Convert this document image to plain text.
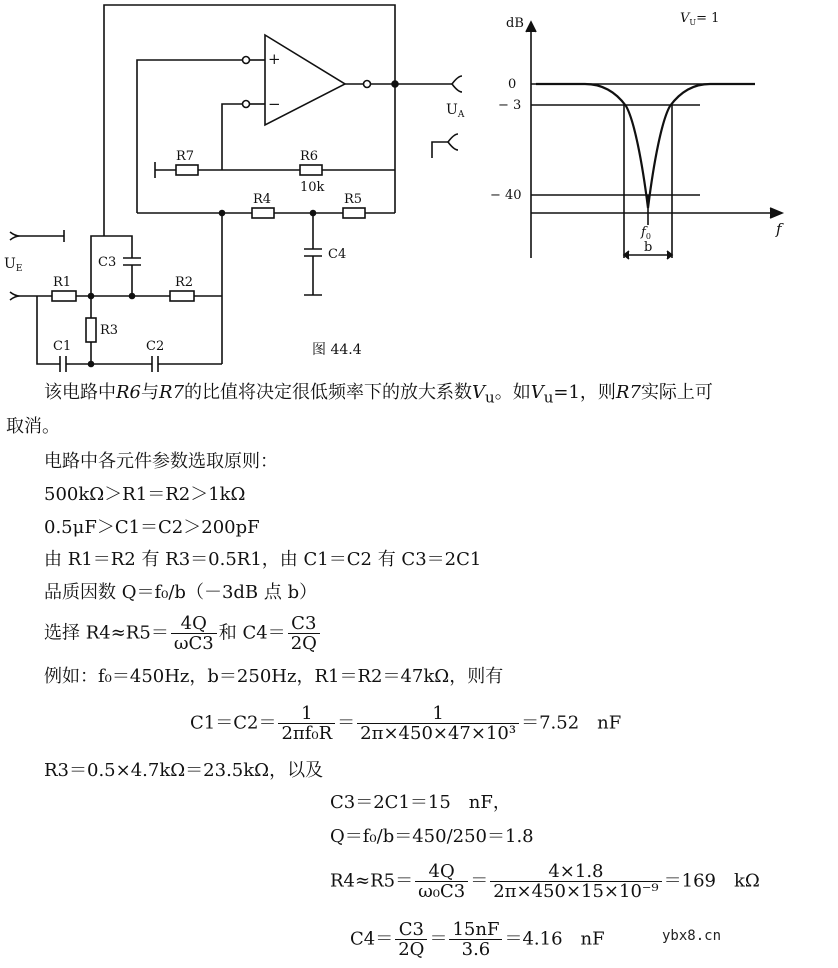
+
−
R7	R6
10k
R4	R5
C4
C3
R1	R2
R3
C1	C2
$U_E$
$U_A$
图 44.4
dB	$V_U= 1$
0
− 3
− 40
f
$f_0$
b
该电路中R6与R7的比值将决定很低频率下的放大系数$V_u$。如$V_u=1$，则R7实际上可
取消。
电路中各元件参数选取原则：
500kΩ＞R1＝R2＞1kΩ
0.5μF＞C1＝C2＞200pF
由 R1＝R2 有 R3＝0.5R1，由 C1＝C2 有 C3＝2C1
品质因数 Q＝f₀/b（－3dB 点 b）
选择 $R4\approx R5= \frac{4Q}{\omega C3}$ 和 $C4= \frac{C3}{2Q}$
例如：f₀＝450Hz，b＝250Hz，R1＝R2＝47kΩ，则有
$C1=C2= \frac{1}{\text{2πf₀R}} = \frac{1}{\text{2π×450×47×10³}} =7.52$　nF
R3＝0.5×4.7kΩ＝23.5kΩ，以及
C3＝2C1＝15　nF，
Q＝f₀/b＝450/250＝1.8
$R4\approx R5= \frac{4Q}{\text{ω₀C3}} = \frac{4\times 1.8}{\text{2π×450×15×10⁻⁹}} =169$　kΩ
$C4= \frac{C3}{2Q} = \frac{15nF}{3.6} =4.16$　nF	ybx8.cn
